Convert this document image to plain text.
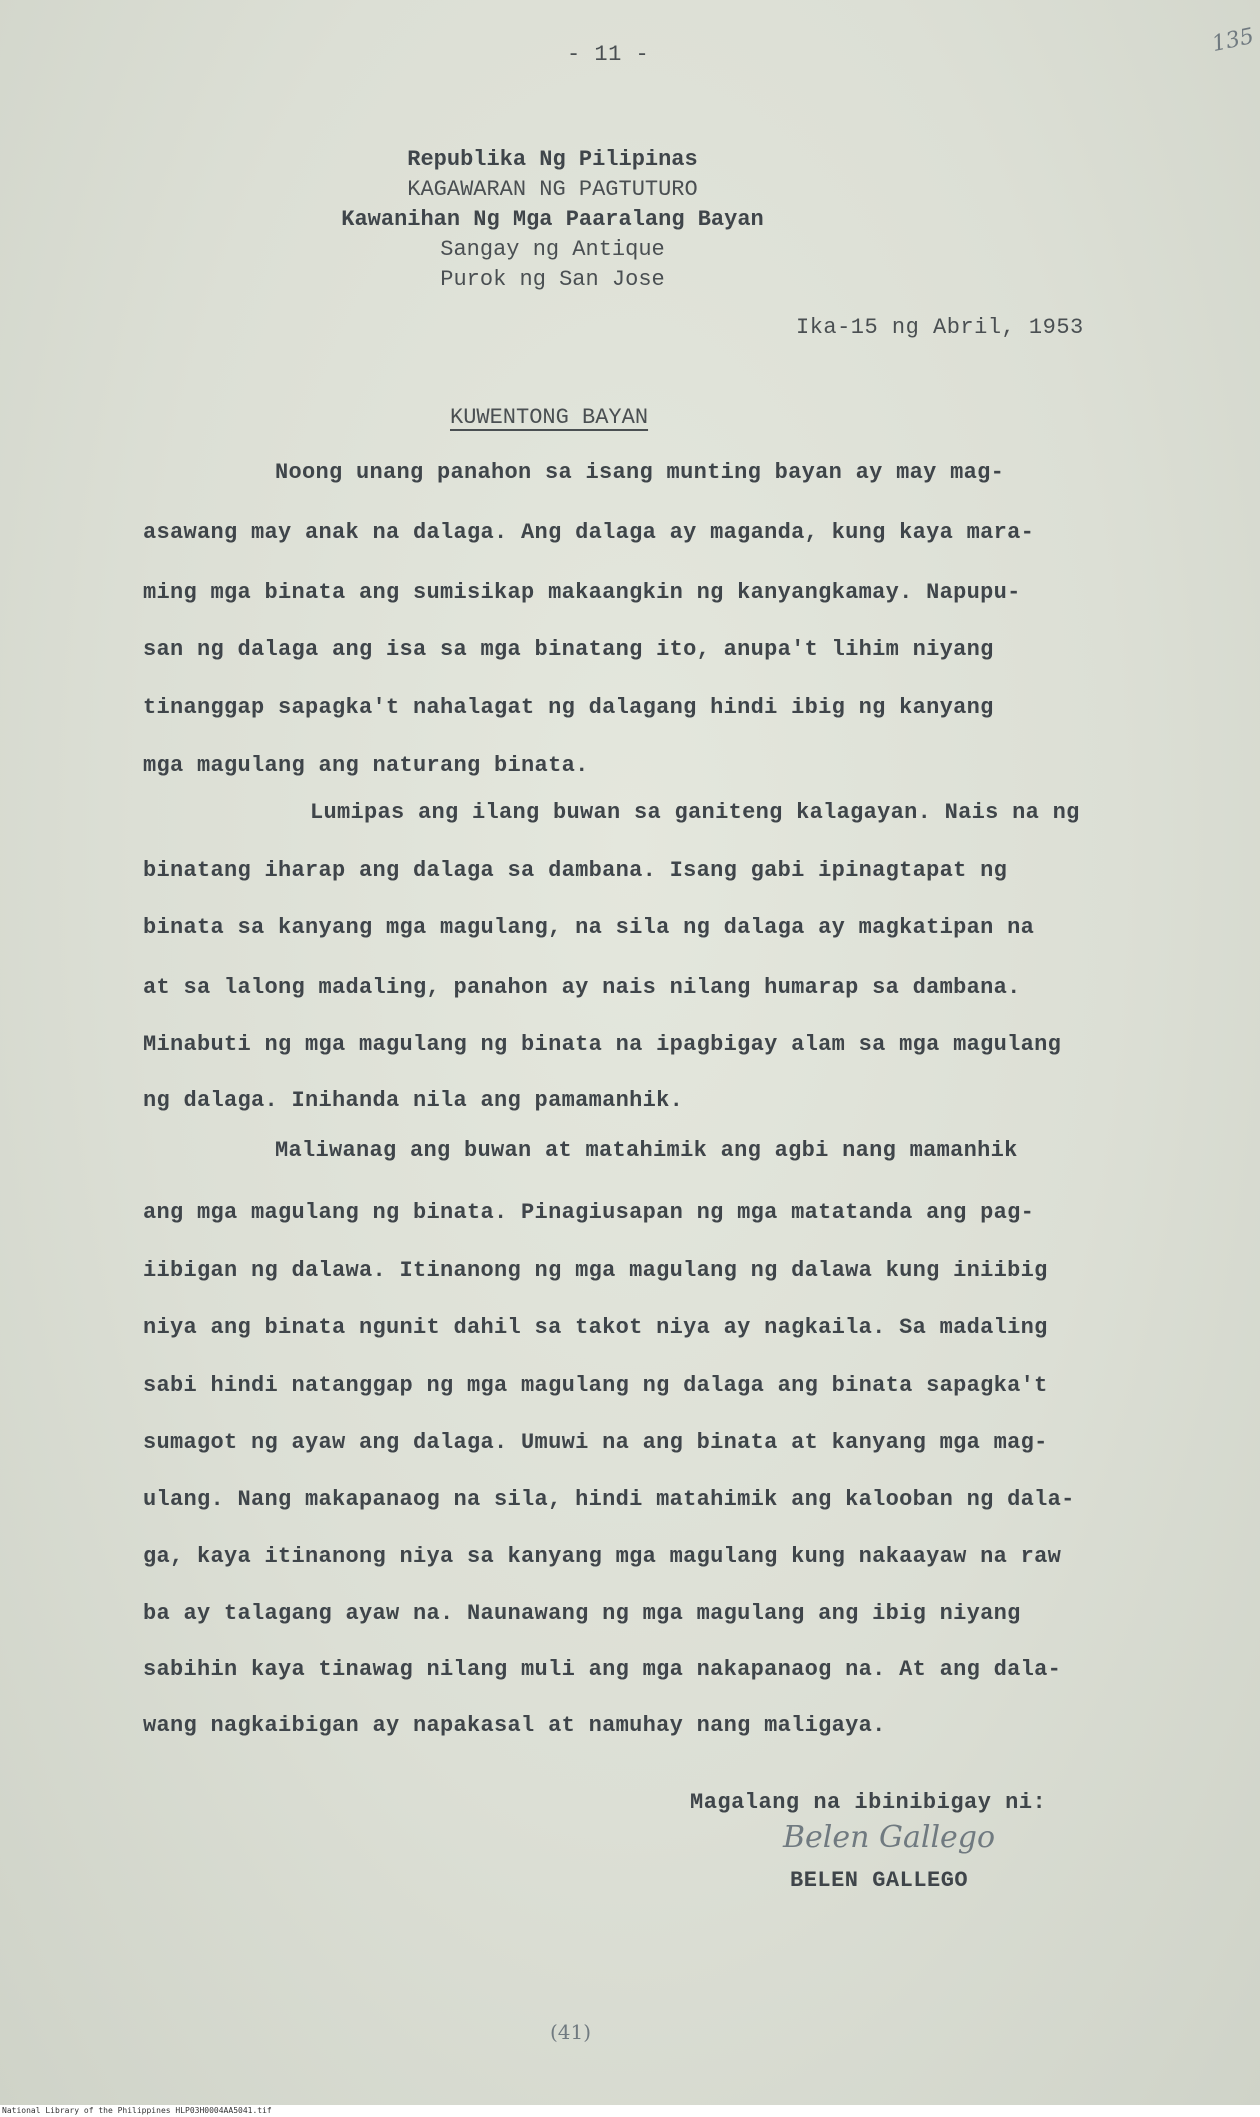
- 11 -	135
Republika Ng Pilipinas
KAGAWARAN NG PAGTUTURO
Kawanihan Ng Mga Paaralang Bayan
Sangay ng Antique
Purok ng San Jose
Ika-15 ng Abril, 1953
KUWENTONG BAYAN
Noong unang panahon sa isang munting bayan ay may mag-
asawang may anak na dalaga. Ang dalaga ay maganda, kung kaya mara-
ming mga binata ang sumisikap makaangkin ng kanyangkamay. Napupu-
san ng dalaga ang isa sa mga binatang ito, anupa't lihim niyang
tinanggap sapagka't nahalagat ng dalagang hindi ibig ng kanyang
mga magulang ang naturang binata.
Lumipas ang ilang buwan sa ganiteng kalagayan. Nais na ng
binatang iharap ang dalaga sa dambana. Isang gabi ipinagtapat ng
binata sa kanyang mga magulang, na sila ng dalaga ay magkatipan na
at sa lalong madaling, panahon ay nais nilang humarap sa dambana.
Minabuti ng mga magulang ng binata na ipagbigay alam sa mga magulang
ng dalaga. Inihanda nila ang pamamanhik.
Maliwanag ang buwan at matahimik ang agbi nang mamanhik
ang mga magulang ng binata. Pinagiusapan ng mga matatanda ang pag-
iibigan ng dalawa. Itinanong ng mga magulang ng dalawa kung iniibig
niya ang binata ngunit dahil sa takot niya ay nagkaila. Sa madaling
sabi hindi natanggap ng mga magulang ng dalaga ang binata sapagka't
sumagot ng ayaw ang dalaga. Umuwi na ang binata at kanyang mga mag-
ulang. Nang makapanaog na sila, hindi matahimik ang kalooban ng dala-
ga, kaya itinanong niya sa kanyang mga magulang kung nakaayaw na raw
ba ay talagang ayaw na. Naunawang ng mga magulang ang ibig niyang
sabihin kaya tinawag nilang muli ang mga nakapanaog na. At ang dala-
wang nagkaibigan ay napakasal at namuhay nang maligaya.
Magalang na ibinibigay ni:
Belen Gallego
BELEN GALLEGO
(41)
National Library of the Philippines HLP03H0004AA5041.tif
